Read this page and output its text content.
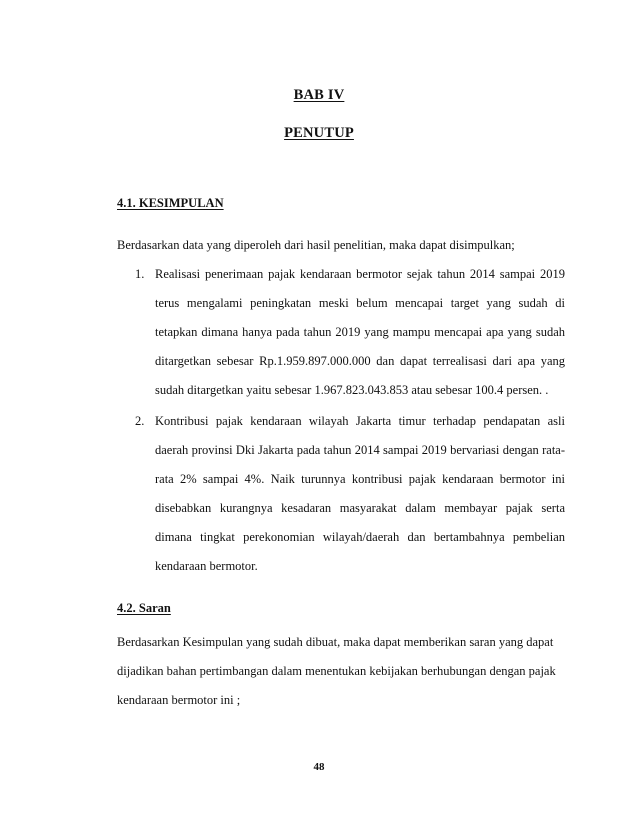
BAB IV
PENUTUP
4.1. KESIMPULAN

Berdasarkan data yang diperoleh dari hasil penelitian, maka dapat disimpulkan;

1. Realisasi penerimaan pajak kendaraan bermotor sejak tahun 2014 sampai 2019 terus mengalami peningkatan meski belum mencapai target yang sudah di tetapkan dimana hanya pada tahun 2019 yang mampu mencapai apa yang sudah ditargetkan sebesar Rp.1.959.897.000.000 dan dapat terrealisasi dari apa yang sudah ditargetkan yaitu sebesar 1.967.823.043.853 atau sebesar 100.4 persen. .
2. Kontribusi pajak kendaraan wilayah Jakarta timur terhadap pendapatan asli daerah provinsi Dki Jakarta pada tahun 2014 sampai 2019 bervariasi dengan rata-rata 2% sampai 4%. Naik turunnya kontribusi pajak kendaraan bermotor ini disebabkan kurangnya kesadaran masyarakat dalam membayar pajak serta dimana tingkat perekonomian wilayah/daerah dan bertambahnya pembelian kendaraan bermotor.
4.2. Saran

Berdasarkan Kesimpulan yang sudah dibuat, maka dapat memberikan saran yang dapat dijadikan bahan pertimbangan dalam menentukan kebijakan berhubungan dengan pajak kendaraan bermotor ini ;

48
